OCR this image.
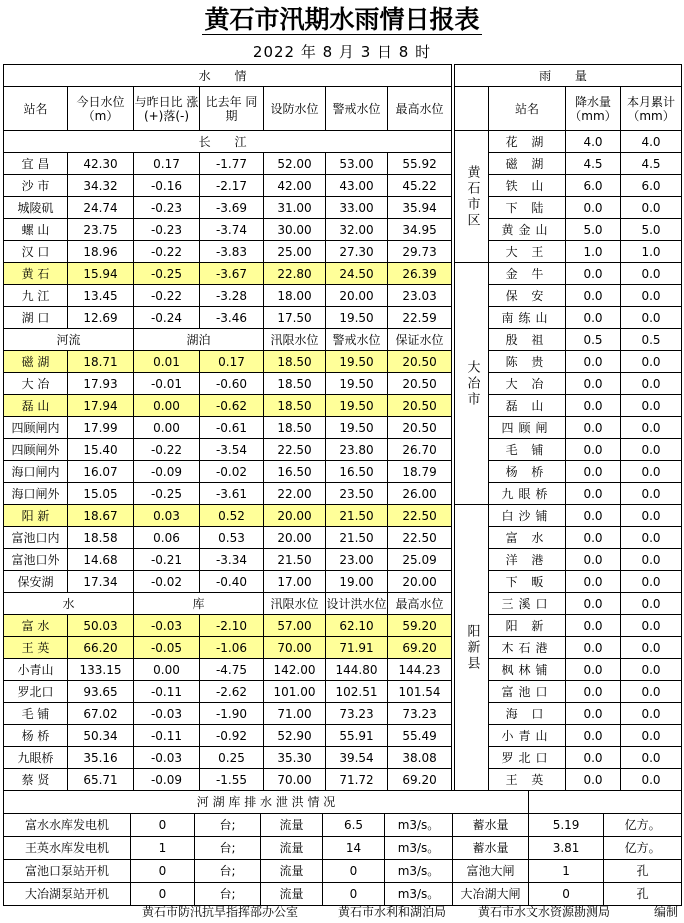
黄石市汛期水雨情日报表
2022 年 8 月 3 日 8 时
水 情						
站名	今日水位（m）	与昨日比 涨(+)落(-)	比去年 同 期	设防水位	警戒水位	最高水位
长 江						
宜 昌	42.30	0.17	-1.77	52.00	53.00	55.92
沙 市	34.32	-0.16	-2.17	42.00	43.00	45.22
城陵矶	24.74	-0.23	-3.69	31.00	33.00	35.94
螺 山	23.75	-0.23	-3.74	30.00	32.00	34.95
汉 口	18.96	-0.22	-3.83	25.00	27.30	29.73
黄 石	15.94	-0.25	-3.67	22.80	24.50	26.39
九 江	13.45	-0.22	-3.28	18.00	20.00	23.03
湖 口	12.69	-0.24	-3.46	17.50	19.50	22.59
河流		湖泊		汛限水位	警戒水位	保证水位
磁 湖	18.71	0.01	0.17	18.50	19.50	20.50
大 冶	17.93	-0.01	-0.60	18.50	19.50	20.50
磊 山	17.94	0.00	-0.62	18.50	19.50	20.50
四顾闸内	17.99	0.00	-0.61	18.50	19.50	20.50
四顾闸外	15.40	-0.22	-3.54	22.50	23.80	26.70
海口闸内	16.07	-0.09	-0.02	16.50	16.50	18.79
海口闸外	15.05	-0.25	-3.61	22.00	23.50	26.00
阳 新	18.67	0.03	0.52	20.00	21.50	22.50
富池口内	18.58	0.06	0.53	20.00	21.50	22.50
富池口外	14.68	-0.21	-3.34	21.50	23.00	25.09
保安湖	17.34	-0.02	-0.40	17.00	19.00	20.00
水		库		汛限水位	设计洪水位	最高水位
富 水	50.03	-0.03	-2.10	57.00	62.10	59.20
王 英	66.20	-0.05	-1.06	70.00	71.91	69.20
小青山	133.15	0.00	-4.75	142.00	144.80	144.23
罗北口	93.65	-0.11	-2.62	101.00	102.51	101.54
毛 铺	67.02	-0.03	-1.90	71.00	73.23	73.23
杨 桥	50.34	-0.11	-0.92	52.90	55.91	55.49
九眼桥	35.16	-0.03	0.25	35.30	39.54	38.08
蔡 贤	65.71	-0.09	-1.55	70.00	71.72	69.20
雨 量			
	站名	降水量（mm）	本月累计（mm）

黄石市区	花 湖	4.0	4.0
	磁 湖	4.5	4.5
	铁 山	6.0	6.0
	下 陆	0.0	0.0
	黄金山	5.0	5.0
	大 王	1.0	1.0

大冶市	金 牛	0.0	0.0
	保 安	0.0	0.0
	南练山	0.0	0.0
	殷 祖	0.5	0.5
	陈 贵	0.0	0.0
	大 冶	0.0	0.0
	磊 山	0.0	0.0
	四顾闸	0.0	0.0
	毛 铺	0.0	0.0
	杨 桥	0.0	0.0
	九眼桥	0.0	0.0

阳新县	白沙铺	0.0	0.0
	富 水	0.0	0.0
	洋 港	0.0	0.0
	下 畈	0.0	0.0
	三溪口	0.0	0.0
	阳 新	0.0	0.0
	木石港	0.0	0.0
	枫林铺	0.0	0.0
	富池口	0.0	0.0
	海 口	0.0	0.0
	小青山	0.0	0.0
	罗北口	0.0	0.0
	王 英	0.0	0.0
河 湖 库 排 水 泄 洪 情 况								
富水水库发电机	0	台;	流量	6.5	m3/s。	蓄水量	5.19	亿方。
王英水库发电机	1	台;	流量	14	m3/s。	蓄水量	3.81	亿方。
富池口泵站开机	0	台;	流量	0	m3/s。	富池大闸	1	孔
大冶湖泵站开机	0	台;	流量	0	m3/s。	大冶湖大闸	0	孔
黄石市防汛抗旱指挥部办公室	黄石市水利和湖泊局	黄石市水文水资源勘测局	编制
